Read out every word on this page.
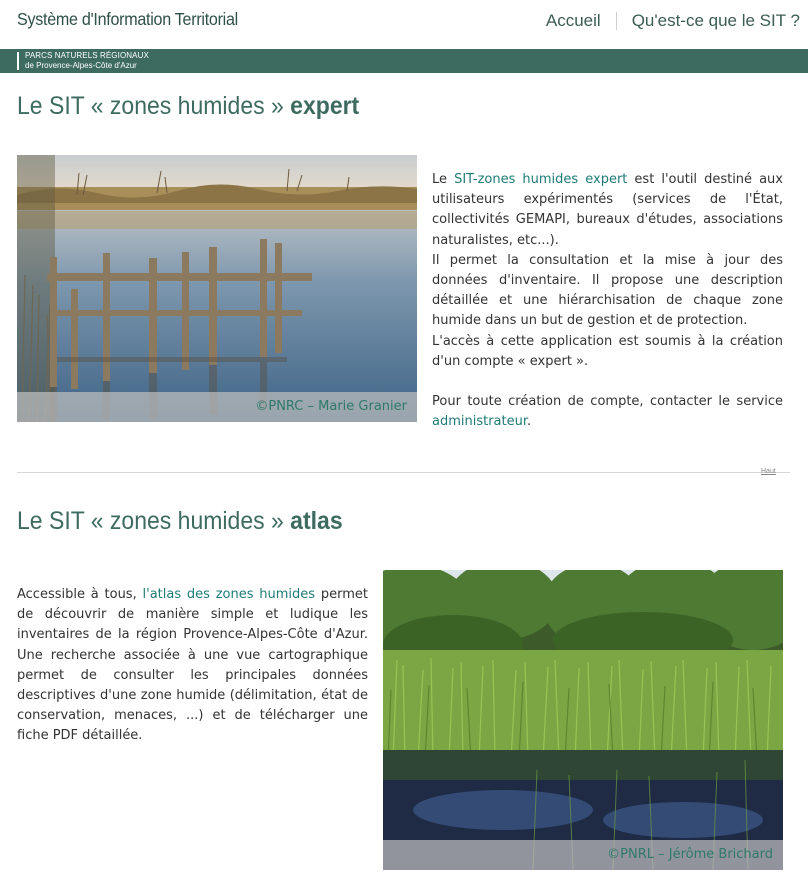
Système d'Information Territorial	Accueil Qu'est-ce que le SIT ?
PARCS NATURELS RÉGIONAUX
de Provence-Alpes-Côte d'Azur
Le SIT « zones humides » expert
©PNRC – Marie Granier

Le SIT-zones humides expert est l'outil destiné aux utilisateurs expérimentés (services de l'État, collectivités GEMAPI, bureaux d'études, associations naturalistes, etc...).

Il permet la consultation et la mise à jour des données d'inventaire. Il propose une description détaillée et une hiérarchisation de chaque zone humide dans un but de gestion et de protection.

L'accès à cette application est soumis à la création d'un compte « expert ».

Pour toute création de compte, contacter le service administrateur.

Haut
Le SIT « zones humides » atlas

Accessible à tous, l'atlas des zones humides permet de découvrir de manière simple et ludique les inventaires de la région Provence-Alpes-Côte d'Azur. Une recherche associée à une vue cartographique permet de consulter les principales données descriptives d'une zone humide (délimitation, état de conservation, menaces, ...) et de télécharger une fiche PDF détaillée.

©PNRL – Jérôme Brichard
